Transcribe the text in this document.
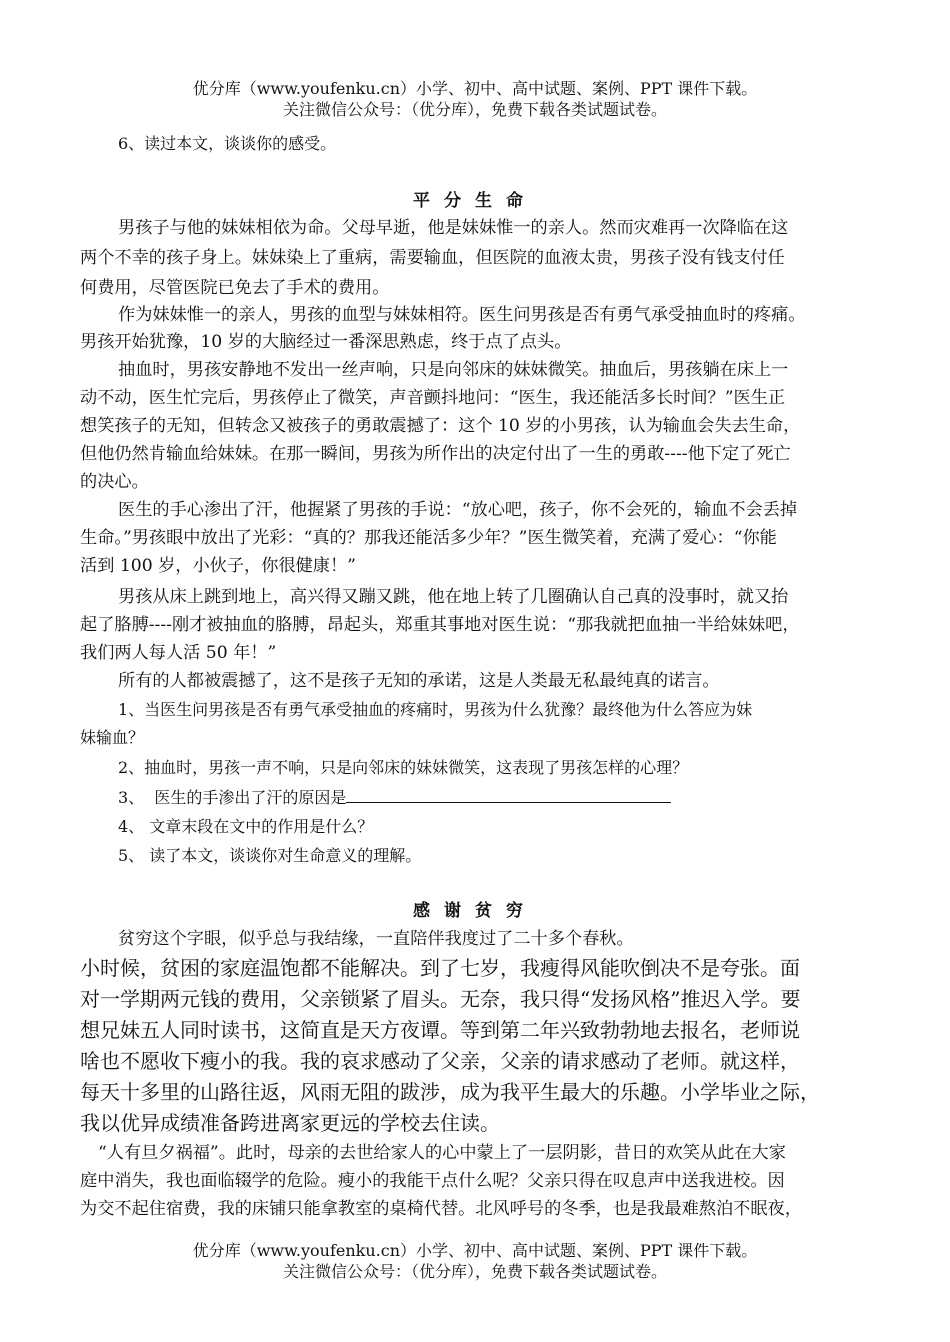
优分库（www.youfenku.cn）小学、初中、高中试题、案例、PPT 课件下载。
关注微信公众号：（优分库），免费下载各类试题试卷。
6、读过本文，谈谈你的感受。
平分生命
男孩子与他的妹妹相依为命。父母早逝，他是妹妹惟一的亲人。然而灾难再一次降临在这
两个不幸的孩子身上。妹妹染上了重病，需要输血，但医院的血液太贵，男孩子没有钱支付任
何费用，尽管医院已免去了手术的费用。
作为妹妹惟一的亲人，男孩的血型与妹妹相符。医生问男孩是否有勇气承受抽血时的疼痛。
男孩开始犹豫，10 岁的大脑经过一番深思熟虑，终于点了点头。
抽血时，男孩安静地不发出一丝声响，只是向邻床的妹妹微笑。抽血后，男孩躺在床上一
动不动，医生忙完后，男孩停止了微笑，声音颤抖地问：“医生，我还能活多长时间？”医生正
想笑孩子的无知，但转念又被孩子的勇敢震撼了：这个 10 岁的小男孩，认为输血会失去生命，
但他仍然肯输血给妹妹。在那一瞬间，男孩为所作出的决定付出了一生的勇敢----他下定了死亡
的决心。
医生的手心渗出了汗，他握紧了男孩的手说：“放心吧，孩子，你不会死的，输血不会丢掉
生命。”男孩眼中放出了光彩：“真的？那我还能活多少年？”医生微笑着，充满了爱心：“你能
活到 100 岁，小伙子，你很健康！”
男孩从床上跳到地上，高兴得又蹦又跳，他在地上转了几圈确认自己真的没事时，就又抬
起了胳膊----刚才被抽血的胳膊，昂起头，郑重其事地对医生说：“那我就把血抽一半给妹妹吧，
我们两人每人活 50 年！”
所有的人都被震撼了，这不是孩子无知的承诺，这是人类最无私最纯真的诺言。
1、当医生问男孩是否有勇气承受抽血的疼痛时，男孩为什么犹豫？最终他为什么答应为妹
妹输血？
2、抽血时，男孩一声不响，只是向邻床的妹妹微笑，这表现了男孩怎样的心理？
3、  医生的手渗出了汗的原因是
4、 文章末段在文中的作用是什么？
5、 读了本文，谈谈你对生命意义的理解。
感谢贫穷
贫穷这个字眼，似乎总与我结缘，一直陪伴我度过了二十多个春秋。
小时候，贫困的家庭温饱都不能解决。到了七岁，我瘦得风能吹倒决不是夸张。面
对一学期两元钱的费用，父亲锁紧了眉头。无奈，我只得“发扬风格”推迟入学。要
想兄妹五人同时读书，这简直是天方夜谭。等到第二年兴致勃勃地去报名，老师说
啥也不愿收下瘦小的我。我的哀求感动了父亲，父亲的请求感动了老师。就这样，
每天十多里的山路往返，风雨无阻的跋涉，成为我平生最大的乐趣。小学毕业之际，
我以优异成绩准备跨进离家更远的学校去住读。
“人有旦夕祸福”。此时，母亲的去世给家人的心中蒙上了一层阴影，昔日的欢笑从此在大家
庭中消失，我也面临辍学的危险。瘦小的我能干点什么呢？父亲只得在叹息声中送我进校。因
为交不起住宿费，我的床铺只能拿教室的桌椅代替。北风呼号的冬季，也是我最难熬泊不眠夜，
优分库（www.youfenku.cn）小学、初中、高中试题、案例、PPT 课件下载。
关注微信公众号：（优分库），免费下载各类试题试卷。
